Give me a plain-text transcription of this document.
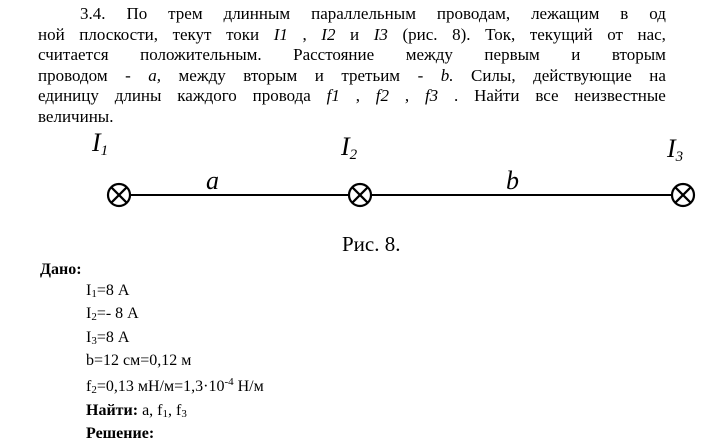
3.4. По трем длинным параллельным проводам, лежащим в од
ной плоскости, текут токи I1 , I2 и I3 (рис. 8). Ток, текущий от нас,
считается положительным. Расстояние между первым и вторым
проводом - a, между вторым и третьим - b. Силы, действующие на
единицу длины каждого провода f1 , f2 , f3 . Найти все неизвестные
величины.
$I_1$	$I_2$	$I_3$
a	b
Рис. 8.
Дано:
$I_1=8$ А
$I_2=-$ 8 А
$I_3=8$ А
b=12 см=0,12 м
$f_2=0,13$ $мН/м=1,3\cdot 10^{-4}$ Н/м
Найти: a, $f_1$, $f_3$
Решение:
